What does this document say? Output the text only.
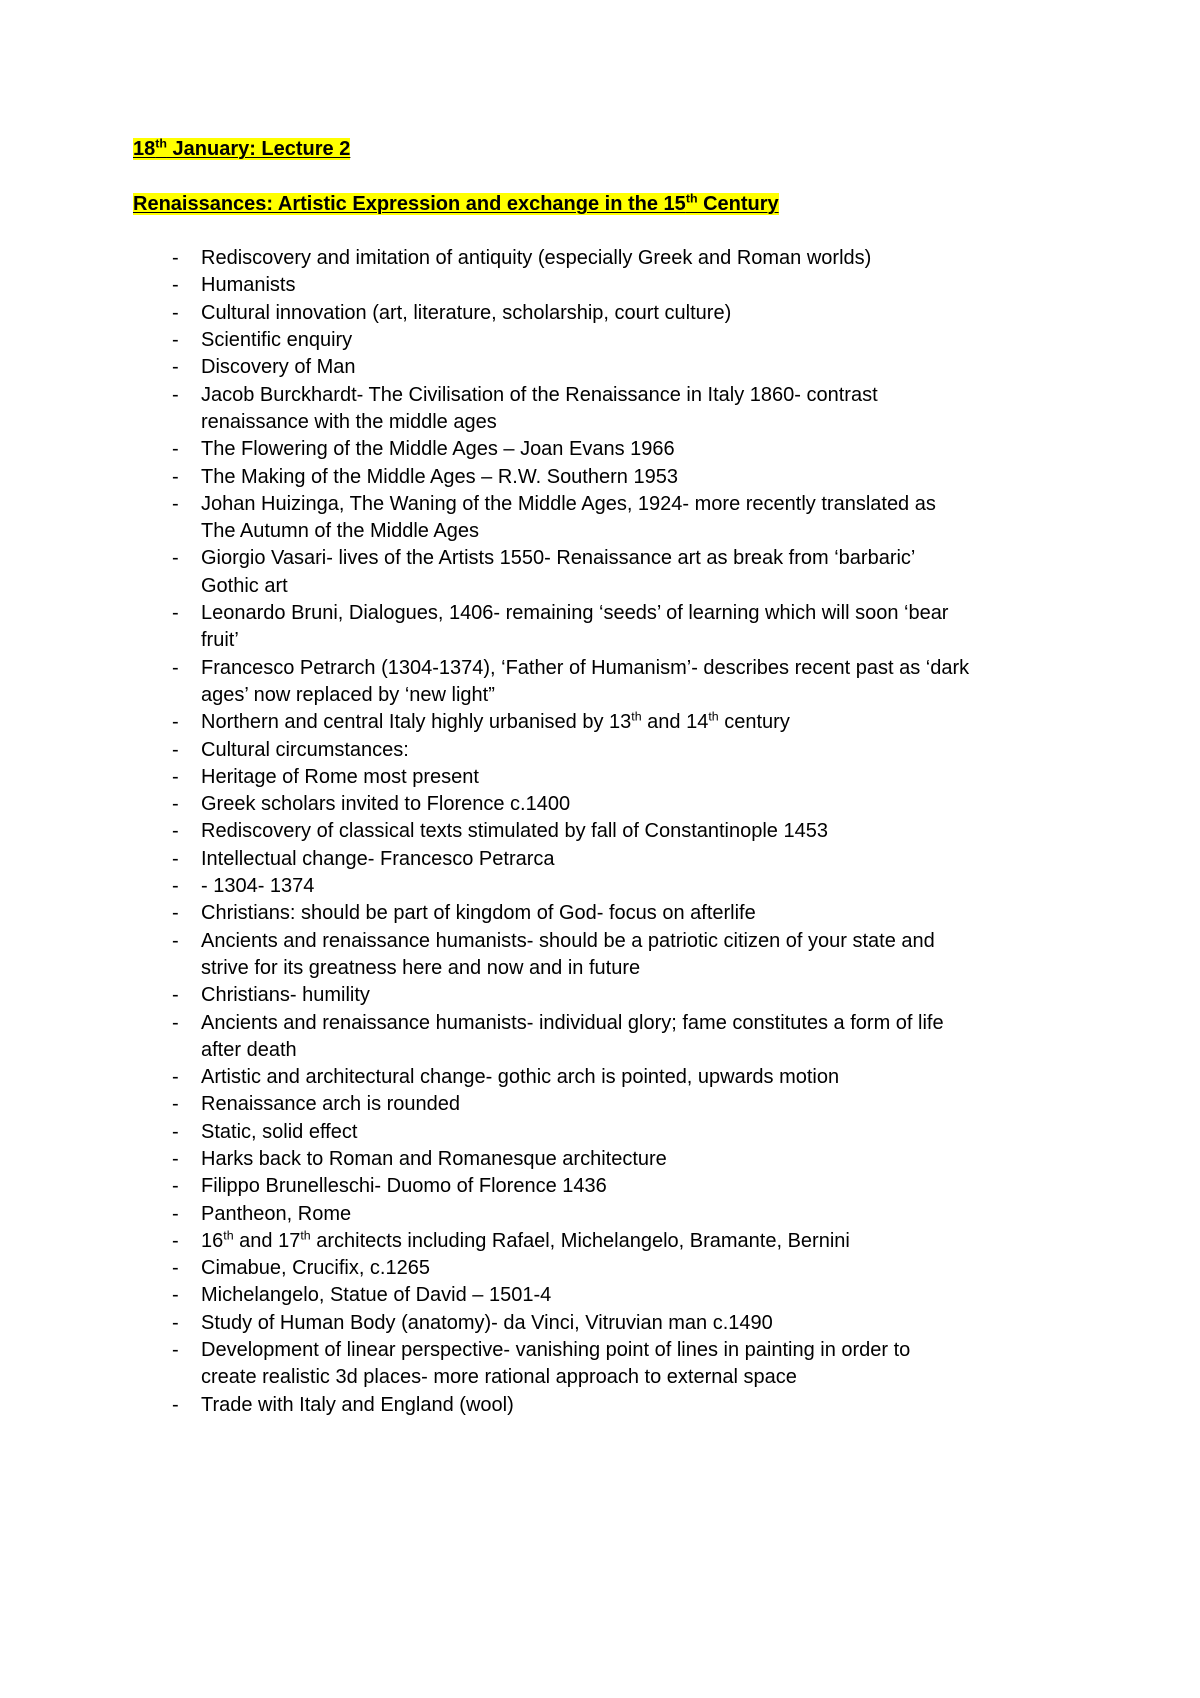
18th January: Lecture 2
Renaissances: Artistic Expression and exchange in the 15th Century
-	Rediscovery and imitation of antiquity (especially Greek and Roman worlds)
-	Humanists
-	Cultural innovation (art, literature, scholarship, court culture)
-	Scientific enquiry
-	Discovery of Man
-	Jacob Burckhardt- The Civilisation of the Renaissance in Italy 1860- contrast
renaissance with the middle ages
-	The Flowering of the Middle Ages – Joan Evans 1966
-	The Making of the Middle Ages – R.W. Southern 1953
-	Johan Huizinga, The Waning of the Middle Ages, 1924- more recently translated as
The Autumn of the Middle Ages
-	Giorgio Vasari- lives of the Artists 1550- Renaissance art as break from ‘barbaric’
Gothic art
-	Leonardo Bruni, Dialogues, 1406- remaining ‘seeds’ of learning which will soon ‘bear
fruit’
-	Francesco Petrarch (1304-1374), ‘Father of Humanism’- describes recent past as ‘dark
ages’ now replaced by ‘new light”
-	Northern and central Italy highly urbanised by 13th and 14th century
-	Cultural circumstances:
-	Heritage of Rome most present
-	Greek scholars invited to Florence c.1400
-	Rediscovery of classical texts stimulated by fall of Constantinople 1453
-	Intellectual change- Francesco Petrarca
-	- 1304- 1374
-	Christians: should be part of kingdom of God- focus on afterlife
-	Ancients and renaissance humanists- should be a patriotic citizen of your state and
strive for its greatness here and now and in future
-	Christians- humility
-	Ancients and renaissance humanists- individual glory; fame constitutes a form of life
after death
-	Artistic and architectural change- gothic arch is pointed, upwards motion
-	Renaissance arch is rounded
-	Static, solid effect
-	Harks back to Roman and Romanesque architecture
-	Filippo Brunelleschi- Duomo of Florence 1436
-	Pantheon, Rome
-	16th and 17th architects including Rafael, Michelangelo, Bramante, Bernini
-	Cimabue, Crucifix, c.1265
-	Michelangelo, Statue of David – 1501-4
-	Study of Human Body (anatomy)- da Vinci, Vitruvian man c.1490
-	Development of linear perspective- vanishing point of lines in painting in order to
create realistic 3d places- more rational approach to external space
-	Trade with Italy and England (wool)
